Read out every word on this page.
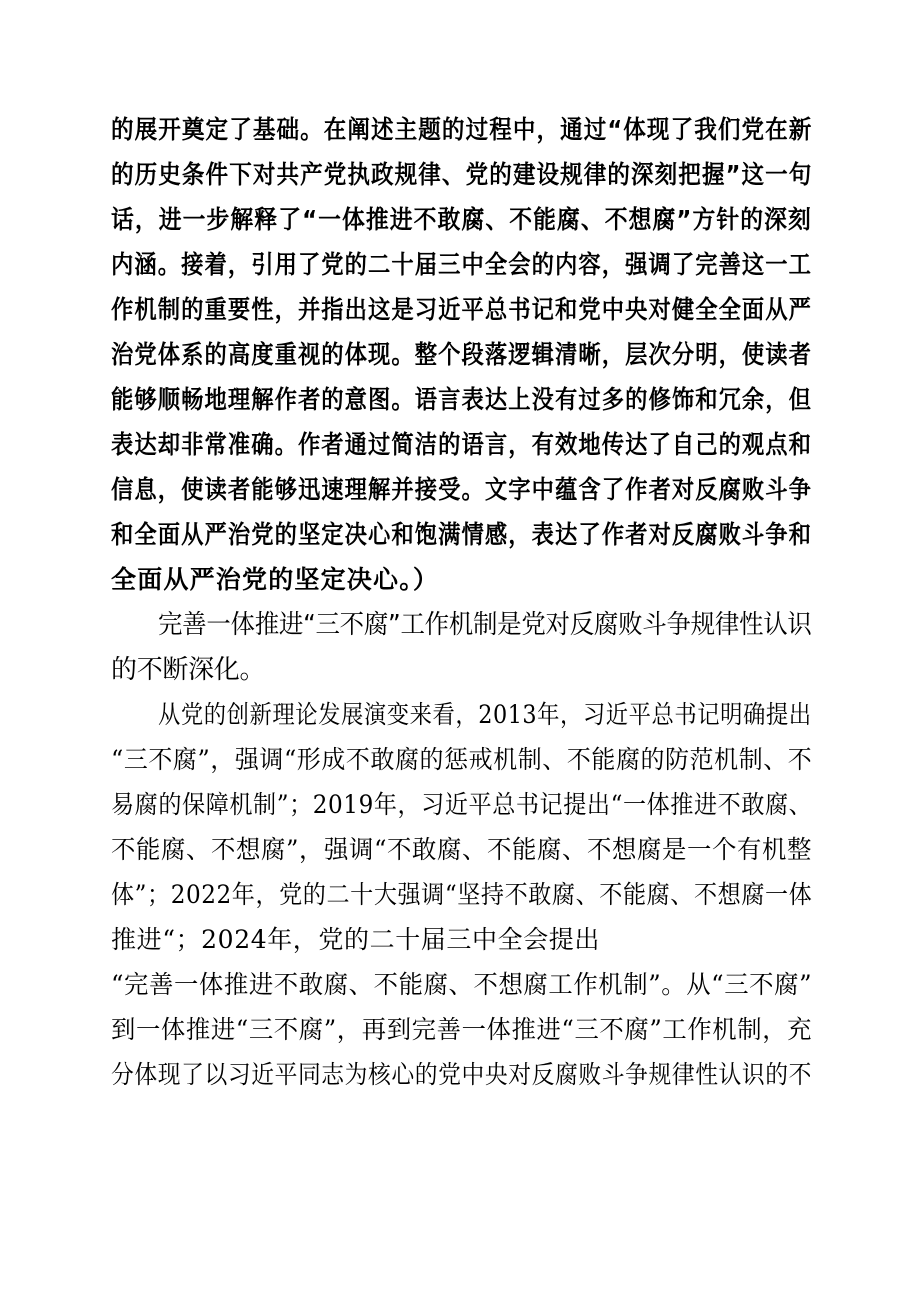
的展开奠定了基础。在阐述主题的过程中，通过“体现了我们党在新
的历史条件下对共产党执政规律、党的建设规律的深刻把握”这一句
话，进一步解释了“一体推进不敢腐、不能腐、不想腐”方针的深刻
内涵。接着，引用了党的二十届三中全会的内容，强调了完善这一工
作机制的重要性，并指出这是习近平总书记和党中央对健全全面从严
治党体系的高度重视的体现。整个段落逻辑清晰，层次分明，使读者
能够顺畅地理解作者的意图。语言表达上没有过多的修饰和冗余，但
表达却非常准确。作者通过简洁的语言，有效地传达了自己的观点和
信息，使读者能够迅速理解并接受。文字中蕴含了作者对反腐败斗争
和全面从严治党的坚定决心和饱满情感，表达了作者对反腐败斗争和
全面从严治党的坚定决心。）
完善一体推进“三不腐”工作机制是党对反腐败斗争规律性认识
的不断深化。
从党的创新理论发展演变来看，2013年，习近平总书记明确提出
“三不腐”，强调“形成不敢腐的惩戒机制、不能腐的防范机制、不
易腐的保障机制”；2019年，习近平总书记提出“一体推进不敢腐、
不能腐、不想腐”，强调“不敢腐、不能腐、不想腐是一个有机整
体”；2022年，党的二十大强调“坚持不敢腐、不能腐、不想腐一体
推进“；2024年，党的二十届三中全会提出
“完善一体推进不敢腐、不能腐、不想腐工作机制”。从“三不腐”
到一体推进“三不腐”，再到完善一体推进“三不腐”工作机制，充
分体现了以习近平同志为核心的党中央对反腐败斗争规律性认识的不
